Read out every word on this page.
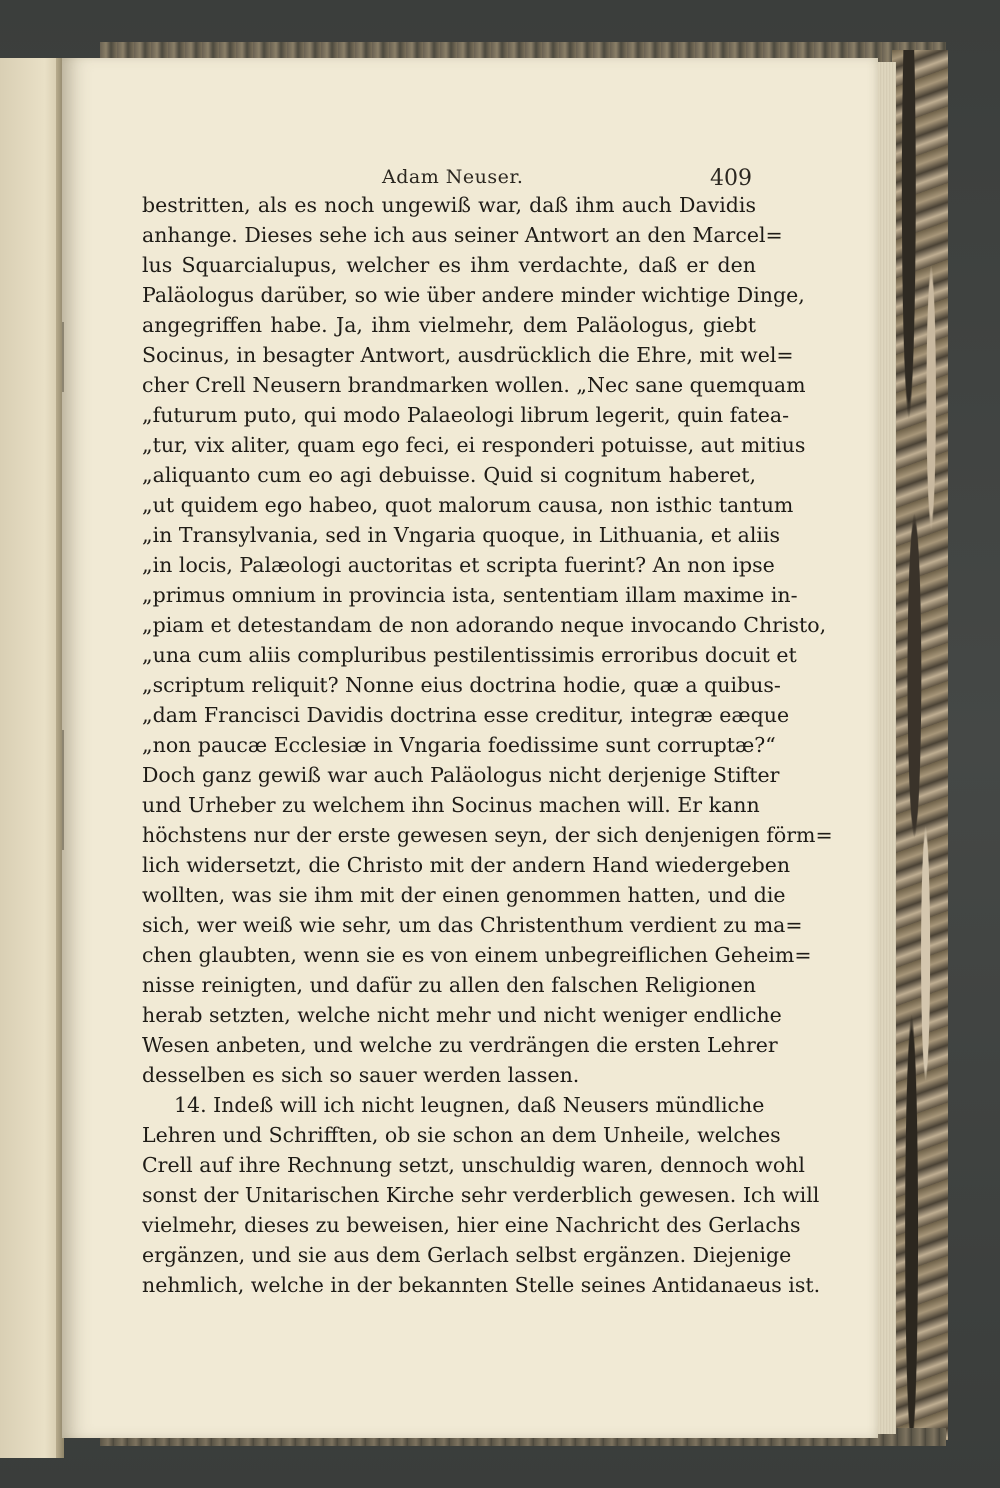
Adam Neuser.	409
bestritten, als es noch ungewiß war, daß ihm auch Davidis
anhange. Dieses sehe ich aus seiner Antwort an den Marcel=
lus Squarcialupus, welcher es ihm verdachte, daß er den
Paläologus darüber, so wie über andere minder wichtige Dinge,
angegriffen habe. Ja, ihm vielmehr, dem Paläologus, giebt
Socinus, in besagter Antwort, ausdrücklich die Ehre, mit wel=
cher Crell Neusern brandmarken wollen. „Nec sane quemquam
„futurum puto, qui modo Palaeologi librum legerit, quin fatea-
„tur, vix aliter, quam ego feci, ei responderi potuisse, aut mitius
„aliquanto cum eo agi debuisse. Quid si cognitum haberet,
„ut quidem ego habeo, quot malorum causa, non isthic tantum
„in Transylvania, sed in Vngaria quoque, in Lithuania, et aliis
„in locis, Palæologi auctoritas et scripta fuerint? An non ipse
„primus omnium in provincia ista, sententiam illam maxime in-
„piam et detestandam de non adorando neque invocando Christo,
„una cum aliis compluribus pestilentissimis erroribus docuit et
„scriptum reliquit? Nonne eius doctrina hodie, quæ a quibus-
„dam Francisci Davidis doctrina esse creditur, integræ eæque
„non paucæ Ecclesiæ in Vngaria foedissime sunt corruptæ?“
Doch ganz gewiß war auch Paläologus nicht derjenige Stifter
und Urheber zu welchem ihn Socinus machen will. Er kann
höchstens nur der erste gewesen seyn, der sich denjenigen förm=
lich widersetzt, die Christo mit der andern Hand wiedergeben
wollten, was sie ihm mit der einen genommen hatten, und die
sich, wer weiß wie sehr, um das Christenthum verdient zu ma=
chen glaubten, wenn sie es von einem unbegreiflichen Geheim=
nisse reinigten, und dafür zu allen den falschen Religionen
herab setzten, welche nicht mehr und nicht weniger endliche
Wesen anbeten, und welche zu verdrängen die ersten Lehrer
desselben es sich so sauer werden lassen.
14. Indeß will ich nicht leugnen, daß Neusers mündliche
Lehren und Schrifften, ob sie schon an dem Unheile, welches
Crell auf ihre Rechnung setzt, unschuldig waren, dennoch wohl
sonst der Unitarischen Kirche sehr verderblich gewesen. Ich will
vielmehr, dieses zu beweisen, hier eine Nachricht des Gerlachs
ergänzen, und sie aus dem Gerlach selbst ergänzen. Diejenige
nehmlich, welche in der bekannten Stelle seines Antidanaeus ist.
